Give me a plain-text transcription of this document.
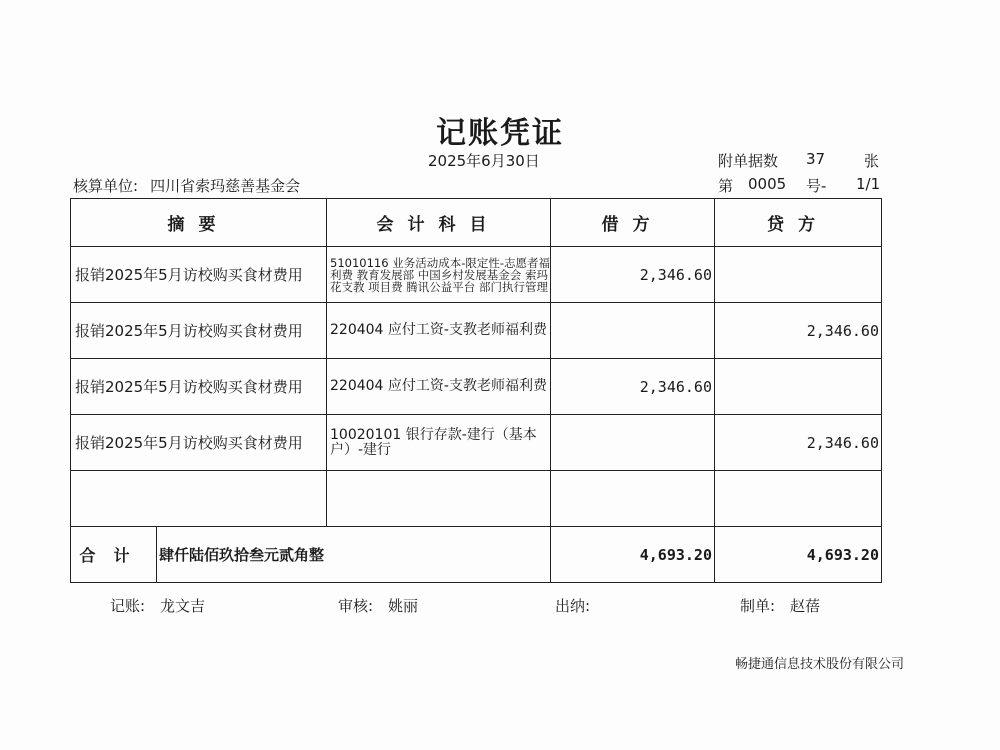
记账凭证
2025年6月30日	附单据数 37	张
核算单位: 四川省索玛慈善基金会	第 0005 号- 1/1
摘要		会计科目	借方	贷方
报销2025年5月访校购买食材费用		51010116 业务活动成本-限定性-志愿者福利费 教育发展部 中国乡村发展基金会 索玛花支教 项目费 腾讯公益平台 部门执行管理	2,346.60	
报销2025年5月访校购买食材费用		220404 应付工资-支教老师福利费		2,346.60
报销2025年5月访校购买食材费用		220404 应付工资-支教老师福利费	2,346.60	
报销2025年5月访校购买食材费用		10020101 银行存款-建行（基本户）-建行		2,346.60

合计	肆仟陆佰玖拾叁元贰角整		4,693.20	4,693.20
记账: 龙文吉	审核: 姚丽	出纳:	制单: 赵蓓
畅捷通信息技术股份有限公司
